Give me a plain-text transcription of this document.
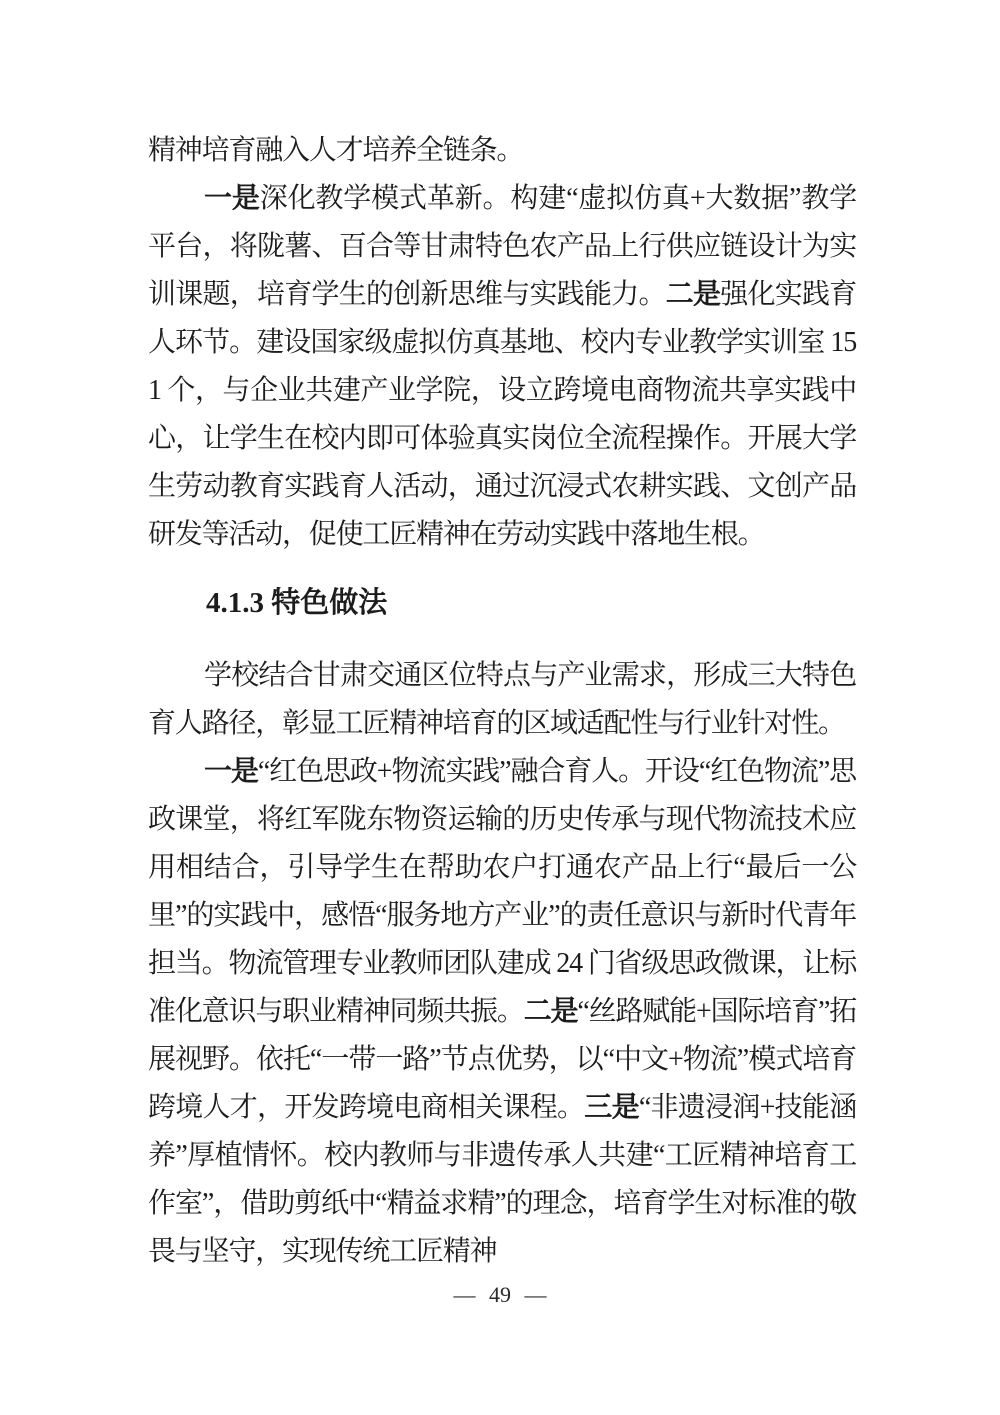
精神培育融入人才培养全链条。

一是深化教学模式革新。构建“虚拟仿真+大数据”教学平台，将陇薯、百合等甘肃特色农产品上行供应链设计为实训课题，培育学生的创新思维与实践能力。二是强化实践育人环节。建设国家级虚拟仿真基地、校内专业教学实训室 151 个，与企业共建产业学院，设立跨境电商物流共享实践中心，让学生在校内即可体验真实岗位全流程操作。开展大学生劳动教育实践育人活动，通过沉浸式农耕实践、文创产品研发等活动，促使工匠精神在劳动实践中落地生根。

4.1.3 特色做法

学校结合甘肃交通区位特点与产业需求，形成三大特色育人路径，彰显工匠精神培育的区域适配性与行业针对性。

一是“红色思政+物流实践”融合育人。开设“红色物流”思政课堂，将红军陇东物资运输的历史传承与现代物流技术应用相结合，引导学生在帮助农户打通农产品上行“最后一公里”的实践中，感悟“服务地方产业”的责任意识与新时代青年担当。物流管理专业教师团队建成 24 门省级思政微课，让标准化意识与职业精神同频共振。二是“丝路赋能+国际培育”拓展视野。依托“一带一路”节点优势，以“中文+物流”模式培育跨境人才，开发跨境电商相关课程。三是“非遗浸润+技能涵养”厚植情怀。校内教师与非遗传承人共建“工匠精神培育工作室”，借助剪纸中“精益求精”的理念，培育学生对标准的敬畏与坚守，实现传统工匠精神

— 49 —
